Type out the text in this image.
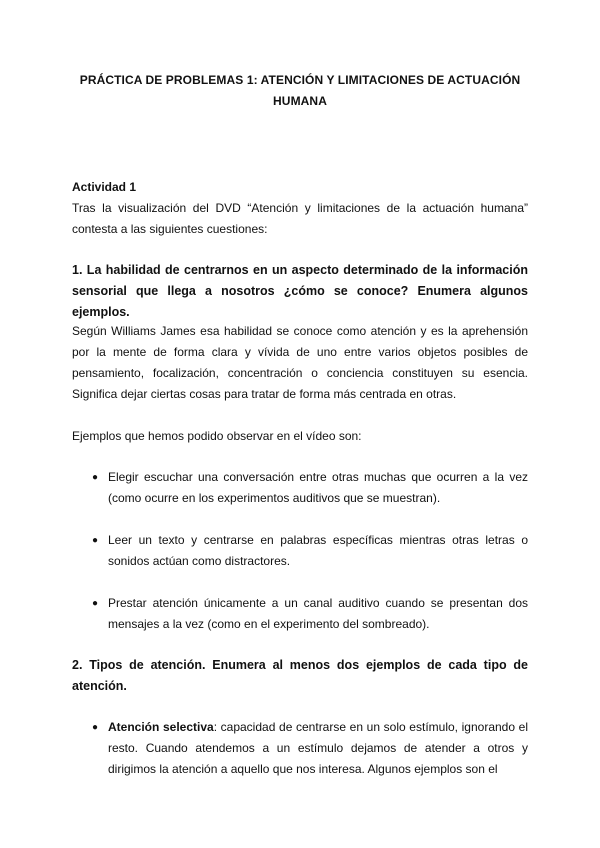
PRÁCTICA DE PROBLEMAS 1: ATENCIÓN Y LIMITACIONES DE ACTUACIÓN HUMANA
Actividad 1

Tras la visualización del DVD “Atención y limitaciones de la actuación humana” contesta a las siguientes cuestiones:

1. La habilidad de centrarnos en un aspecto determinado de la información sensorial que llega a nosotros ¿cómo se conoce? Enumera algunos ejemplos.

Según Williams James esa habilidad se conoce como atención y es la aprehensión por la mente de forma clara y vívida de uno entre varios objetos posibles de pensamiento, focalización, concentración o conciencia constituyen su esencia. Significa dejar ciertas cosas para tratar de forma más centrada en otras.

Ejemplos que hemos podido observar en el vídeo son:

● Elegir escuchar una conversación entre otras muchas que ocurren a la vez (como ocurre en los experimentos auditivos que se muestran).
● Leer un texto y centrarse en palabras específicas mientras otras letras o sonidos actúan como distractores.
● Prestar atención únicamente a un canal auditivo cuando se presentan dos mensajes a la vez (como en el experimento del sombreado).

2. Tipos de atención. Enumera al menos dos ejemplos de cada tipo de atención.

● Atención selectiva: capacidad de centrarse en un solo estímulo, ignorando el resto. Cuando atendemos a un estímulo dejamos de atender a otros y dirigimos la atención a aquello que nos interesa. Algunos ejemplos son el
